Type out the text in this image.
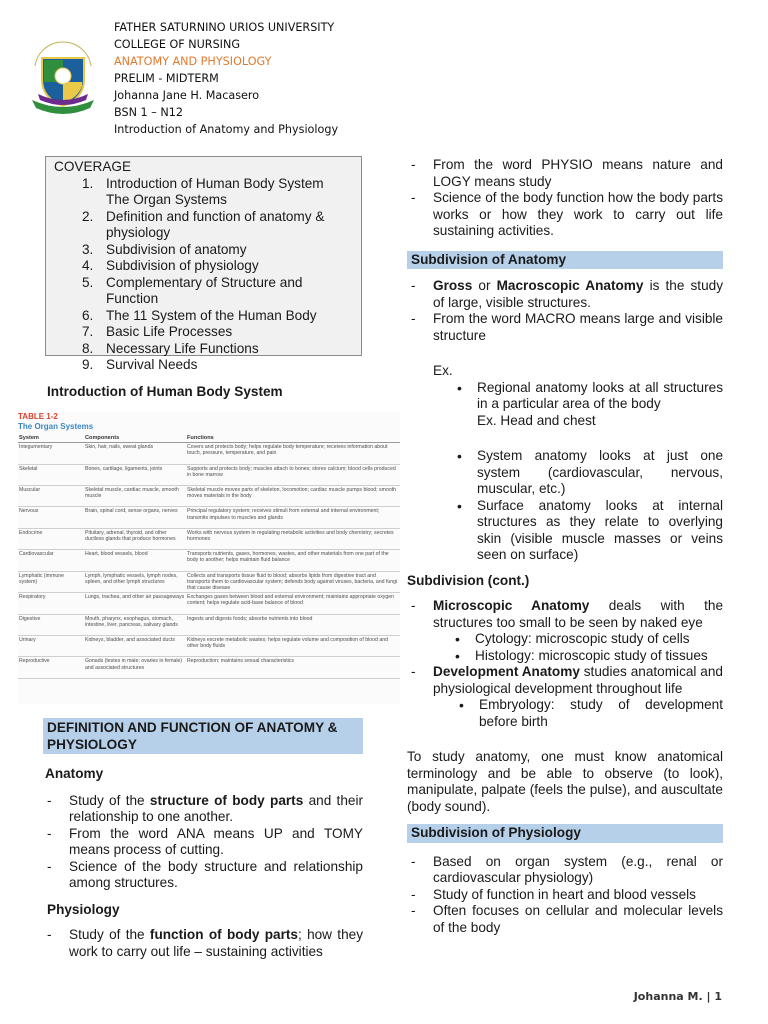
FATHER SATURNINO URIOS UNIVERSITY
COLLEGE OF NURSING
ANATOMY AND PHYSIOLOGY
PRELIM - MIDTERM
Johanna Jane H. Macasero
BSN 1 – N12
Introduction of Anatomy and Physiology
COVERAGE
1. Introduction of Human Body System
The Organ Systems
2. Definition and function of anatomy & physiology
3. Subdivision of anatomy
4. Subdivision of physiology
5. Complementary of Structure and Function
6. The 11 System of the Human Body
7. Basic Life Processes
8. Necessary Life Functions
9. Survival Needs
Introduction of Human Body System
TABLE 1-2
The Organ Systems
System	Components	Functions
Integumentary	Skin, hair, nails, sweat glands	Covers and protects body; helps regulate body temperature; receives information about touch, pressure, temperature, and pain
Skeletal	Bones, cartilage, ligaments, joints	Supports and protects body; muscles attach to bones; stores calcium; blood cells produced in bone marrow
Muscular	Skeletal muscle, cardiac muscle, smooth muscle	Skeletal muscle moves parts of skeleton, locomotion; cardiac muscle pumps blood; smooth moves materials in the body
Nervous	Brain, spinal cord, sense organs, nerves	Principal regulatory system; receives stimuli from external and internal environment; transmits impulses to muscles and glands
Endocrine	Pituitary, adrenal, thyroid, and other ductless glands that produce hormones	Works with nervous system in regulating metabolic activities and body chemistry; secretes hormones
Cardiovascular	Heart, blood vessels, blood	Transports nutrients, gases, hormones, wastes, and other materials from one part of the body to another; helps maintain fluid balance
Lymphatic (immune system)	Lymph, lymphatic vessels, lymph nodes, spleen, and other lymph structures	Collects and transports tissue fluid to blood; absorbs lipids from digestive tract and transports them to cardiovascular system; defends body against viruses, bacteria, and fungi that cause disease
Respiratory	Lungs, trachea, and other air passageways	Exchanges gases between blood and external environment; maintains appropriate oxygen content; helps regulate acid-base balance of blood
Digestive	Mouth, pharynx, esophagus, stomach, intestine, liver, pancreas, salivary glands	Ingests and digests foods; absorbs nutrients into blood
Urinary	Kidneys, bladder, and associated ducts	Kidneys excrete metabolic wastes; helps regulate volume and composition of blood and other body fluids
Reproductive	Gonads (testes in male; ovaries in female) and associated structures	Reproduction; maintains sexual characteristics
DEFINITION AND FUNCTION OF ANATOMY & PHYSIOLOGY
Anatomy
- Study of the structure of body parts and their relationship to one another.
- From the word ANA means UP and TOMY means process of cutting.
- Science of the body structure and relationship among structures.
Physiology
- Study of the function of body parts; how they work to carry out life – sustaining activities
- From the word PHYSIO means nature and LOGY means study
- Science of the body function how the body parts works or how they work to carry out life sustaining activities.
Subdivision of Anatomy
- Gross or Macroscopic Anatomy is the study of large, visible structures.
- From the word MACRO means large and visible structure
Ex.
• Regional anatomy looks at all structures in a particular area of the body
Ex. Head and chest
• System anatomy looks at just one system (cardiovascular, nervous, muscular, etc.)
• Surface anatomy looks at internal structures as they relate to overlying skin (visible muscle masses or veins seen on surface)
Subdivision (cont.)
- Microscopic Anatomy deals with the structures too small to be seen by naked eye
• Cytology: microscopic study of cells
• Histology: microscopic study of tissues
- Development Anatomy studies anatomical and physiological development throughout life
• Embryology: study of development before birth
To study anatomy, one must know anatomical terminology and be able to observe (to look), manipulate, palpate (feels the pulse), and auscultate (body sound).
Subdivision of Physiology
- Based on organ system (e.g., renal or cardiovascular physiology)
- Study of function in heart and blood vessels
- Often focuses on cellular and molecular levels of the body
Johanna M. | 1
